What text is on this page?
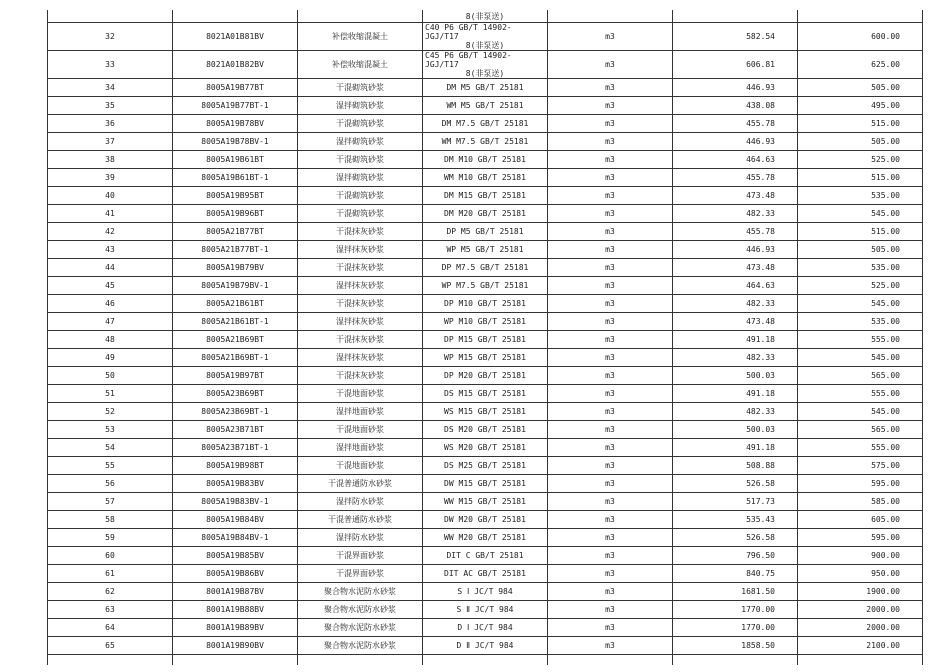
			8(非泵送)			
32	8021A01B81BV	补偿收缩混凝土	C40 P6 GB/T 14902-JGJ/T17
8(非泵送)	m3	582.54	600.00
33	8021A01B82BV	补偿收缩混凝土	C45 P6 GB/T 14902-JGJ/T17
8(非泵送)	m3	606.81	625.00
34	8005A19B77BT	干混砌筑砂浆	DM M5 GB/T 25181	m3	446.93	505.00
35	8005A19B77BT-1	湿拌砌筑砂浆	WM M5 GB/T 25181	m3	438.08	495.00
36	8005A19B78BV	干混砌筑砂浆	DM M7.5 GB/T 25181	m3	455.78	515.00
37	8005A19B78BV-1	湿拌砌筑砂浆	WM M7.5 GB/T 25181	m3	446.93	505.00
38	8005A19B61BT	干混砌筑砂浆	DM M10 GB/T 25181	m3	464.63	525.00
39	8005A19B61BT-1	湿拌砌筑砂浆	WM M10 GB/T 25181	m3	455.78	515.00
40	8005A19B95BT	干混砌筑砂浆	DM M15 GB/T 25181	m3	473.48	535.00
41	8005A19B96BT	干混砌筑砂浆	DM M20 GB/T 25181	m3	482.33	545.00
42	8005A21B77BT	干混抹灰砂浆	DP M5 GB/T 25181	m3	455.78	515.00
43	8005A21B77BT-1	湿拌抹灰砂浆	WP M5 GB/T 25181	m3	446.93	505.00
44	8005A19B79BV	干混抹灰砂浆	DP M7.5 GB/T 25181	m3	473.48	535.00
45	8005A19B79BV-1	湿拌抹灰砂浆	WP M7.5 GB/T 25181	m3	464.63	525.00
46	8005A21B61BT	干混抹灰砂浆	DP M10 GB/T 25181	m3	482.33	545.00
47	8005A21B61BT-1	湿拌抹灰砂浆	WP M10 GB/T 25181	m3	473.48	535.00
48	8005A21B69BT	干混抹灰砂浆	DP M15 GB/T 25181	m3	491.18	555.00
49	8005A21B69BT-1	湿拌抹灰砂浆	WP M15 GB/T 25181	m3	482.33	545.00
50	8005A19B97BT	干混抹灰砂浆	DP M20 GB/T 25181	m3	500.03	565.00
51	8005A23B69BT	干混地面砂浆	DS M15 GB/T 25181	m3	491.18	555.00
52	8005A23B69BT-1	湿拌地面砂浆	WS M15 GB/T 25181	m3	482.33	545.00
53	8005A23B71BT	干混地面砂浆	DS M20 GB/T 25181	m3	500.03	565.00
54	8005A23B71BT-1	湿拌地面砂浆	WS M20 GB/T 25181	m3	491.18	555.00
55	8005A19B98BT	干混地面砂浆	DS M25 GB/T 25181	m3	508.88	575.00
56	8005A19B83BV	干混普通防水砂浆	DW M15 GB/T 25181	m3	526.58	595.00
57	8005A19B83BV-1	湿拌防水砂浆	WW M15 GB/T 25181	m3	517.73	585.00
58	8005A19B84BV	干混普通防水砂浆	DW M20 GB/T 25181	m3	535.43	605.00
59	8005A19B84BV-1	湿拌防水砂浆	WW M20 GB/T 25181	m3	526.58	595.00
60	8005A19B85BV	干混界面砂浆	DIT C GB/T 25181	m3	796.50	900.00
61	8005A19B86BV	干混界面砂浆	DIT AC GB/T 25181	m3	840.75	950.00
62	8001A19B87BV	聚合物水泥防水砂浆	S Ⅰ JC/T 984	m3	1681.50	1900.00
63	8001A19B88BV	聚合物水泥防水砂浆	S Ⅱ JC/T 984	m3	1770.00	2000.00
64	8001A19B89BV	聚合物水泥防水砂浆	D Ⅰ JC/T 984	m3	1770.00	2000.00
65	8001A19B90BV	聚合物水泥防水砂浆	D Ⅱ JC/T 984	m3	1858.50	2100.00
